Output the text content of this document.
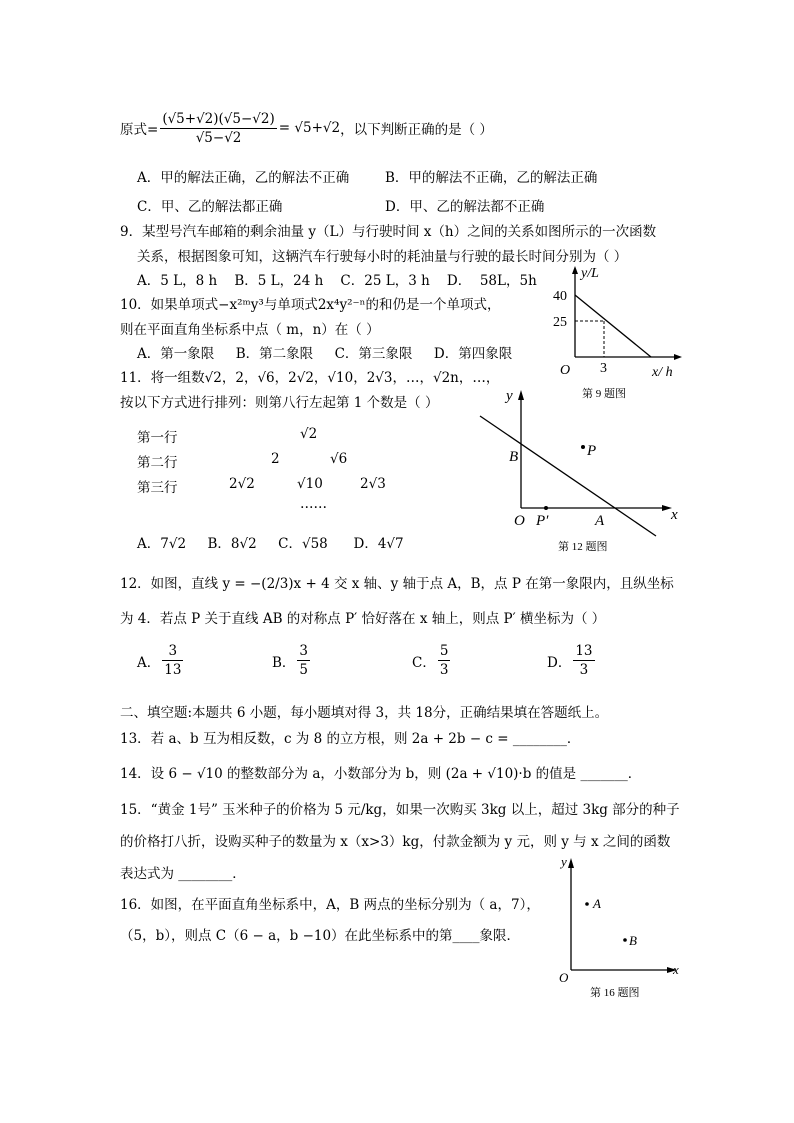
原式= $\frac{(√5+√2)(√5-√2)}{√5-√2} = √5+√2$ ，以下判断正确的是（ ）
A．甲的解法正确，乙的解法不正确	B．甲的解法不正确，乙的解法正确
C．甲、乙的解法都正确	D．甲、乙的解法都不正确
9．某型号汽车邮箱的剩余油量 y（L）与行驶时间 x（h）之间的关系如图所示的一次函数
关系，根据图象可知，这辆汽车行驶每小时的耗油量与行驶的最长时间分别为（ ）
A．5 L，8 h    B．5 L，24 h    C．25 L，3 h    D．  58L，5h	y/L
40
25
O 3	x/ h
第 9 题图
10．如果单项式−x²ᵐy³与单项式2x⁴y²⁻ⁿ的和仍是一个单项式，
则在平面直角坐标系中点（ m，n）在（ ）
A．第一象限     B．第二象限     C．第三象限     D．第四象限
11．将一组数√2，2，√6，2√2，√10，2√3，…，√2n，…，
按以下方式进行排列：则第八行左起第 1 个数是（ ）
第一行	√2
第二行	2	√6
第三行	2√2	√10	2√3
……
A．7√2     B．8√2     C．√58      D．4√7
y
B	P
O P′	A	x
第 12 题图
12．如图，直线 y = −(2/3)x + 4 交 x 轴、y 轴于点 A，B，点 P 在第一象限内，且纵坐标
为 4．若点 P 关于直线 AB 的对称点 P′ 恰好落在 x 轴上，则点 P′ 横坐标为（ ）
A． $\frac{3}{13}$	B． $\frac{3}{5}$	C． $\frac{5}{3}$	D． $\frac{13}{3}$
二、填空题:本题共 6 小题，每小题填对得 3，共 18分，正确结果填在答题纸上。
13．若 a、b 互为相反数，c 为 8 的立方根，则 2a + 2b − c = ________．
14．设 6 − √10 的整数部分为 a，小数部分为 b，则 (2a + √10)·b 的值是 _______．
15．“黄金 1号” 玉米种子的价格为 5 元/kg，如果一次购买 3kg 以上，超过 3kg 部分的种子
的价格打八折，设购买种子的数量为 x（x>3）kg，付款金额为 y 元，则 y 与 x 之间的函数
表达式为 ________．
16．如图，在平面直角坐标系中，A，B 两点的坐标分别为（ a，7），
（5，b），则点 C（6 − a，b −10）在此坐标系中的第____象限．
y
A
B
O
x
第 16 题图
